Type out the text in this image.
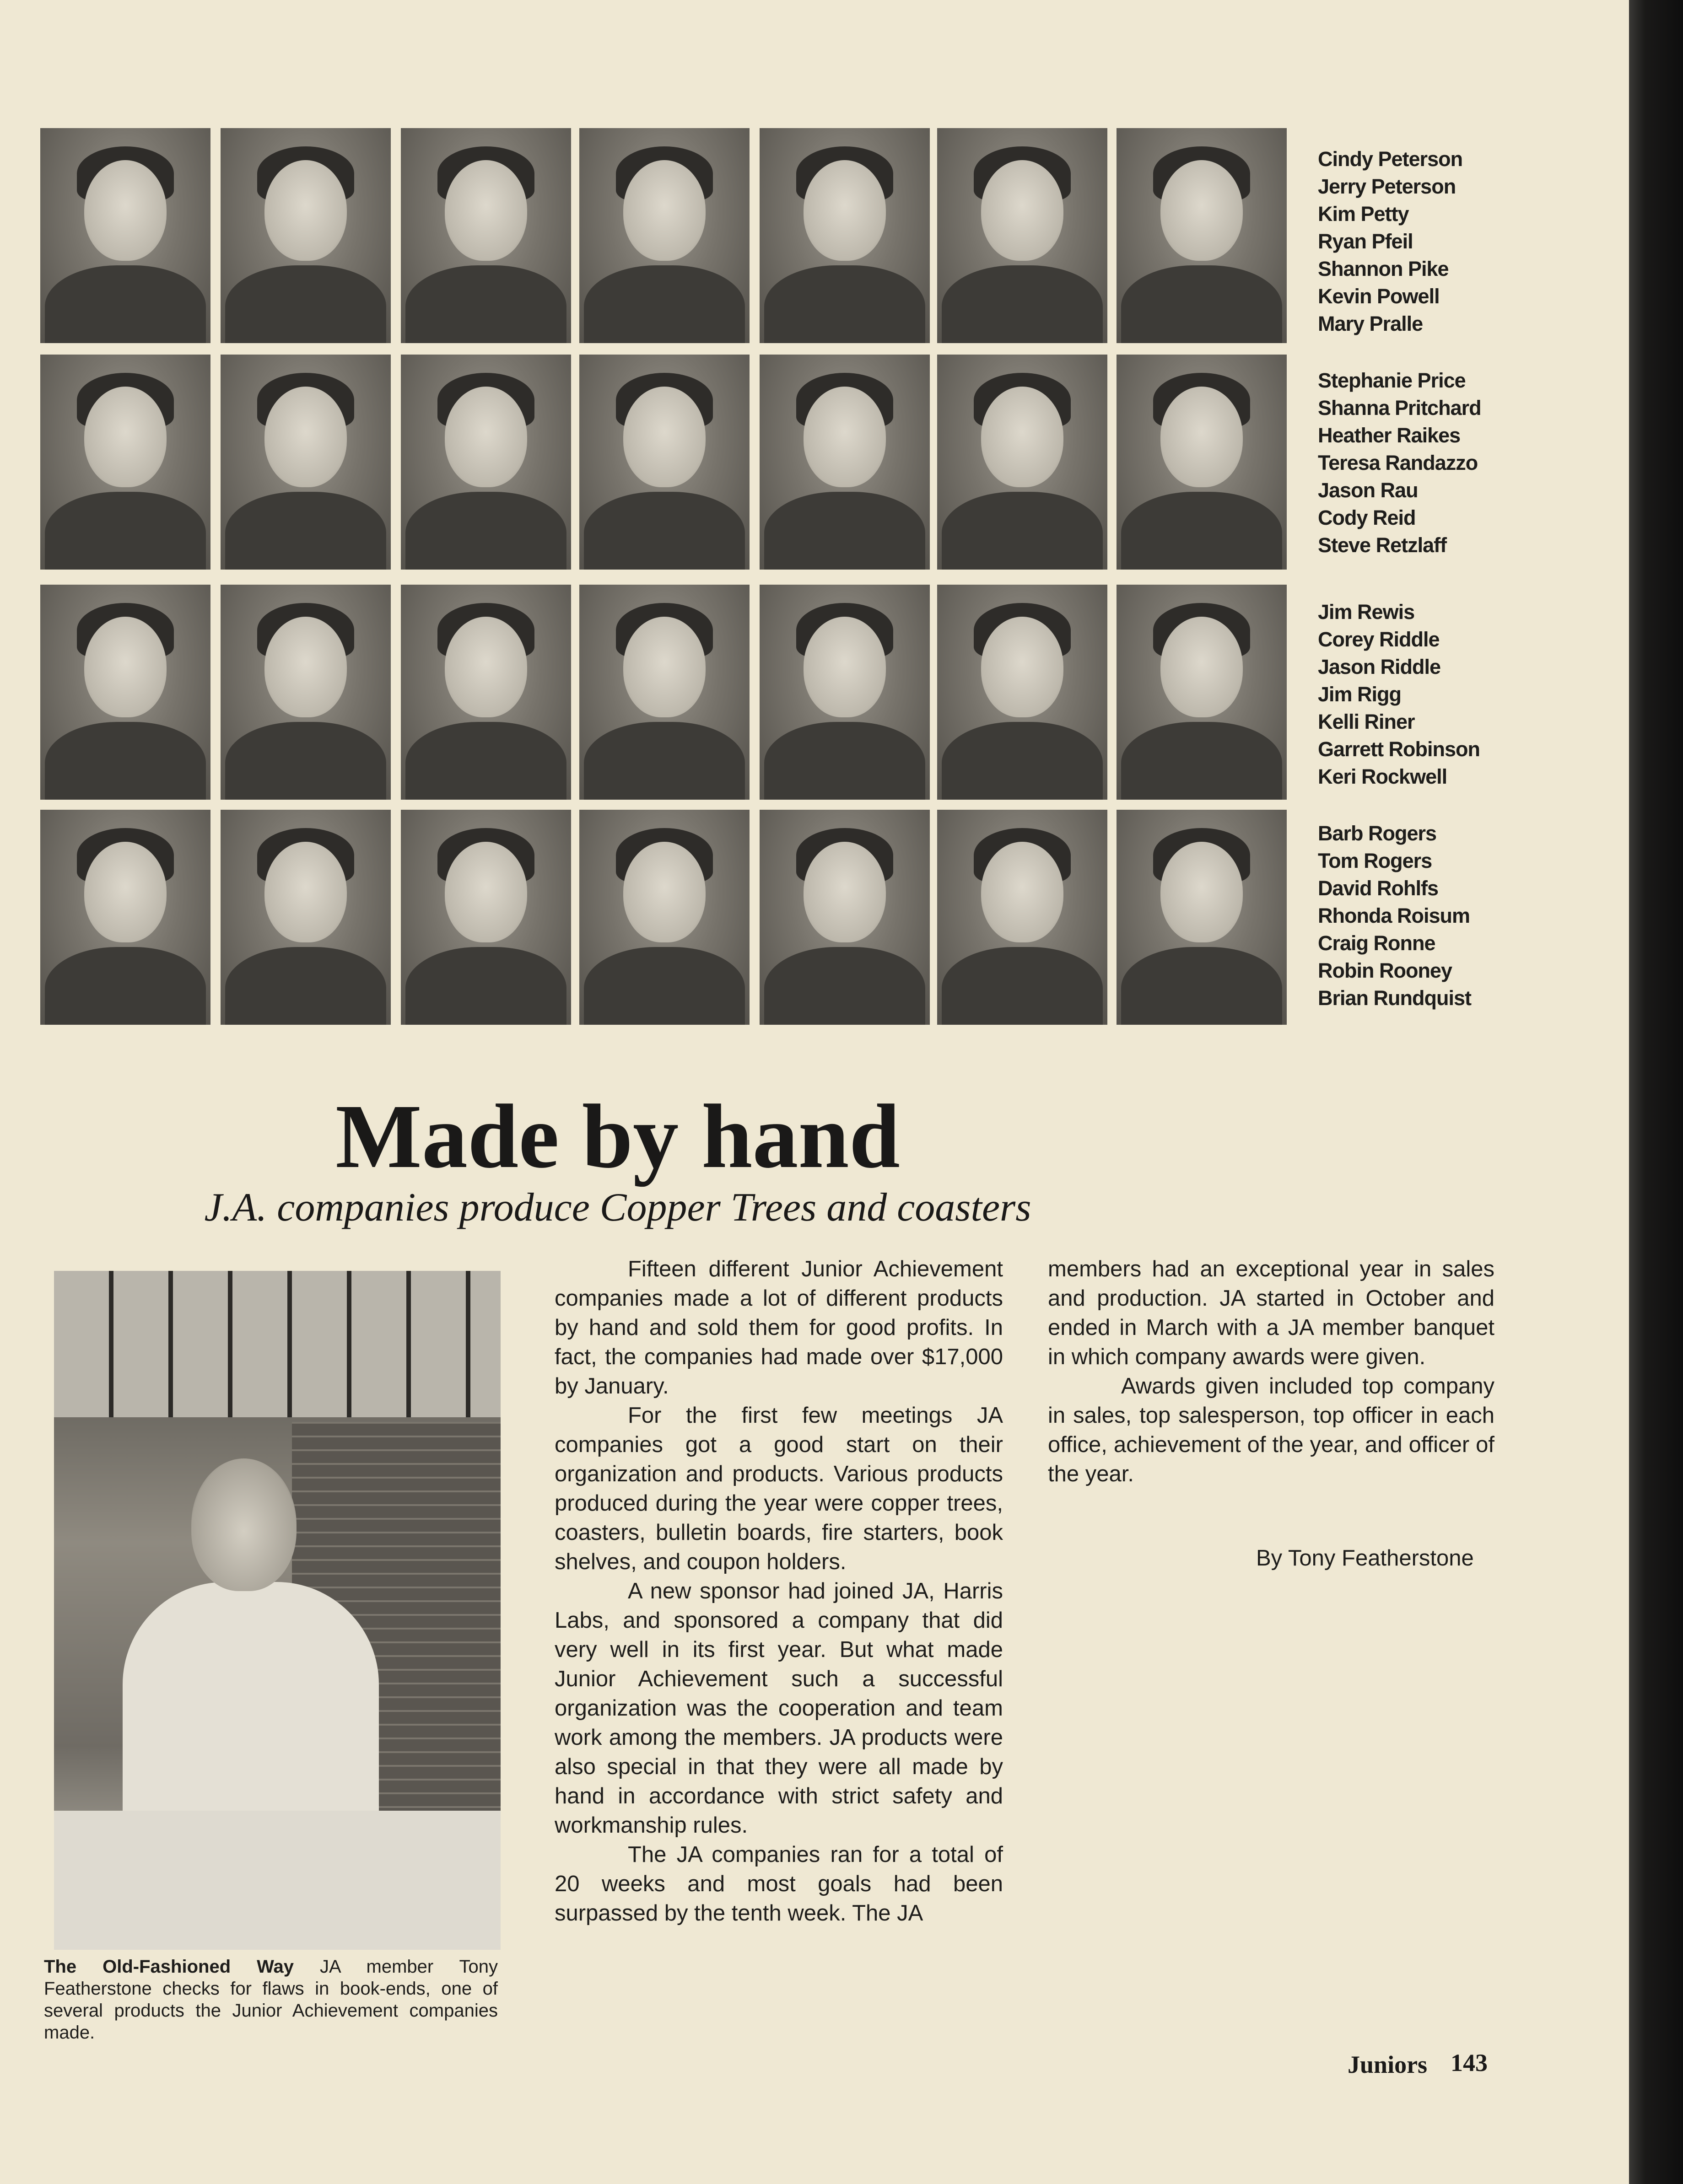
Cindy Peterson
Jerry Peterson
Kim Petty
Ryan Pfeil
Shannon Pike
Kevin Powell
Mary Pralle
Stephanie Price
Shanna Pritchard
Heather Raikes
Teresa Randazzo
Jason Rau
Cody Reid
Steve Retzlaff
Jim Rewis
Corey Riddle
Jason Riddle
Jim Rigg
Kelli Riner
Garrett Robinson
Keri Rockwell
Barb Rogers
Tom Rogers
David Rohlfs
Rhonda Roisum
Craig Ronne
Robin Rooney
Brian Rundquist
Made by hand
J.A. companies produce Copper Trees and coasters
The Old-Fashioned Way JA member Tony Featherstone checks for flaws in book-ends, one of several products the Junior Achievement companies made.

Fifteen different Junior Achievement companies made a lot of different products by hand and sold them for good profits. In fact, the companies had made over $17,000 by January.

For the first few meetings JA companies got a good start on their organization and products. Various products produced during the year were copper trees, coasters, bulletin boards, fire starters, book shelves, and coupon holders.

A new sponsor had joined JA, Harris Labs, and sponsored a company that did very well in its first year. But what made Junior Achievement such a successful organization was the cooperation and team work among the members. JA products were also special in that they were all made by hand in accordance with strict safety and workmanship rules.

The JA companies ran for a total of 20 weeks and most goals had been surpassed by the tenth week. The JA

members had an exceptional year in sales and production. JA started in October and ended in March with a JA member banquet in which company awards were given.

Awards given included top company in sales, top salesperson, top officer in each office, achievement of the year, and officer of the year.

By Tony Featherstone
Juniors 143
